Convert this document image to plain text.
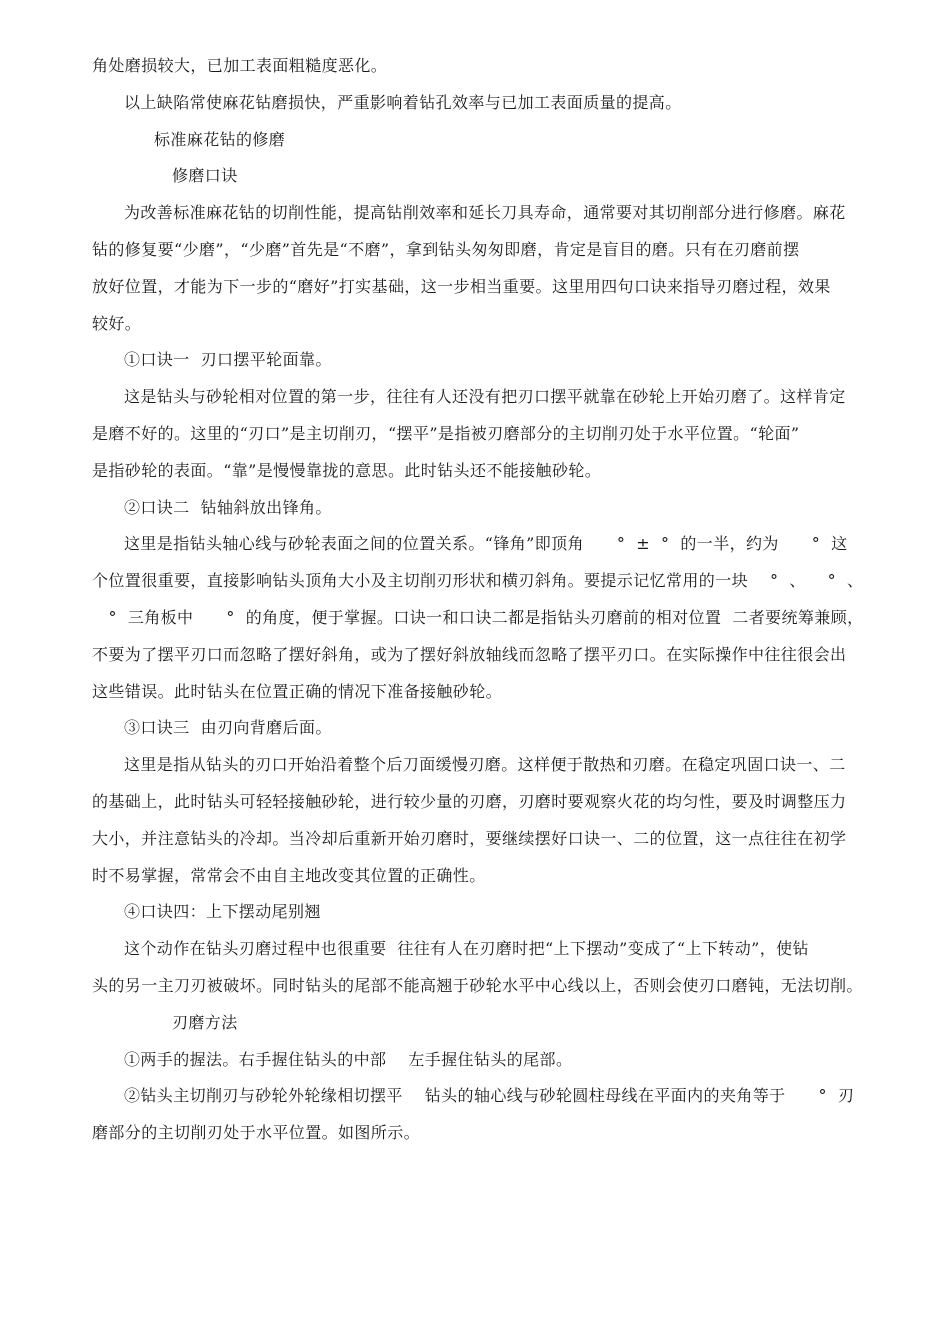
角处磨损较大，已加工表面粗糙度恶化。
以上缺陷常使麻花钻磨损快，严重影响着钻孔效率与已加工表面质量的提高。
标准麻花钻的修磨
修磨口诀
为改善标准麻花钻的切削性能，提高钻削效率和延长刀具寿命，通常要对其切削部分进行修磨。麻花
钻的修复要“少磨”，“少磨”首先是“不磨”，拿到钻头匆匆即磨，肯定是盲目的磨。只有在刃磨前摆
放好位置，才能为下一步的“磨好”打实基础，这一步相当重要。这里用四句口诀来指导刃磨过程，效果
较好。
①口诀一  刃口摆平轮面靠。
这是钻头与砂轮相对位置的第一步，往往有人还没有把刃口摆平就靠在砂轮上开始刃磨了。这样肯定
是磨不好的。这里的“刃口”是主切削刃，“摆平”是指被刃磨部分的主切削刃处于水平位置。“轮面”
是指砂轮的表面。“靠”是慢慢靠拢的意思。此时钻头还不能接触砂轮。
②口诀二  钻轴斜放出锋角。
这里是指钻头轴心线与砂轮表面之间的位置关系。“锋角”即顶角      °  ±  °  的一半，约为      °  这
个位置很重要，直接影响钻头顶角大小及主切削刃形状和横刃斜角。要提示记忆常用的一块    °  、    °  、
°  三角板中      °  的角度，便于掌握。口诀一和口诀二都是指钻头刃磨前的相对位置  二者要统筹兼顾，
不要为了摆平刃口而忽略了摆好斜角，或为了摆好斜放轴线而忽略了摆平刃口。在实际操作中往往很会出
这些错误。此时钻头在位置正确的情况下准备接触砂轮。
③口诀三  由刃向背磨后面。
这里是指从钻头的刃口开始沿着整个后刀面缓慢刃磨。这样便于散热和刃磨。在稳定巩固口诀一、二
的基础上，此时钻头可轻轻接触砂轮，进行较少量的刃磨，刃磨时要观察火花的均匀性，要及时调整压力
大小，并注意钻头的冷却。当冷却后重新开始刃磨时，要继续摆好口诀一、二的位置，这一点往往在初学
时不易掌握，常常会不由自主地改变其位置的正确性。
④口诀四：上下摆动尾别翘
这个动作在钻头刃磨过程中也很重要  往往有人在刃磨时把“上下摆动”变成了“上下转动”，使钻
头的另一主刀刃被破坏。同时钻头的尾部不能高翘于砂轮水平中心线以上，否则会使刃口磨钝，无法切削。
刃磨方法
①两手的握法。右手握住钻头的中部    左手握住钻头的尾部。
②钻头主切削刃与砂轮外轮缘相切摆平    钻头的轴心线与砂轮圆柱母线在平面内的夹角等于      °  刃
磨部分的主切削刃处于水平位置。如图所示。
